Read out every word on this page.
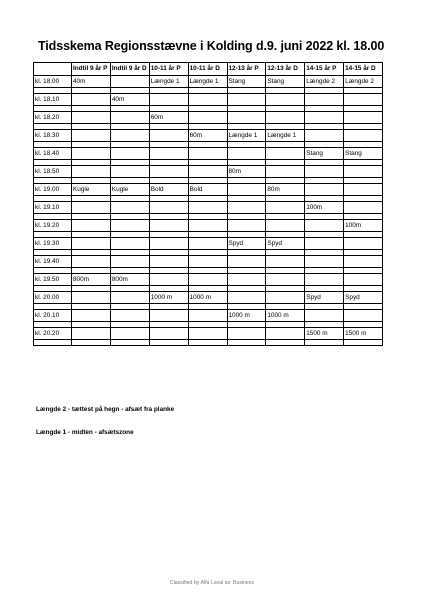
Tidsskema Regionsstævne i Kolding d.9. juni 2022 kl. 18.00
	Indtil 9 år P	Indtil 9 år D	10-11 år P	10-11 år D	12-13 år P	12-13 år D	14-15 år P	14-15 år D
kl. 18.00	40m		Længde 1	Længde 1	Stang	Stang	Længde 2	Længde 2

kl. 18.10		40m						

kl. 18.20			60m					

kl. 18.30				60m	Længde 1	Længde 1		

kl. 18.40							Stang	Stang

kl. 18.50					80m			

kl. 19.00	Kugle	Kugle	Bold	Bold		80m		

kl. 19.10							100m	

kl. 19.20								100m

kl. 19.30					Spyd	Spyd		

kl. 19.40								

kl. 19.50	800m	800m						

kl. 20.00			1000 m	1000 m			Spyd	Spyd

kl. 20.10					1000 m	1000 m		

kl. 20.20							1500 m	1500 m

Længde 2 - tættest på hegn - afsæt fra planke
Længde 1 - midten - afsætszone
Classified by Alfa Laval as: Business
